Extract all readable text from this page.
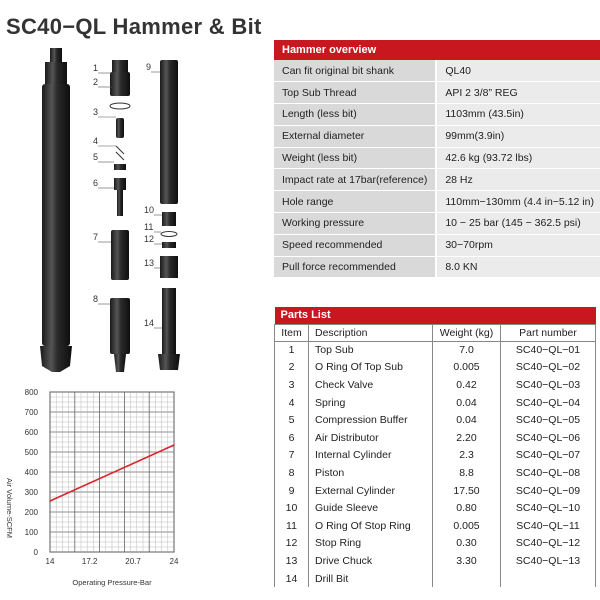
SC40−QL Hammer & Bit
1
2
3
4
5
6
7
8
9
10
11
12
13
14
0
100
200
300
400
500
600
700
800
14	17.2	20.7	24
Air Volume-SCFM
Operating Pressure-Bar
Hammer overview	
Can fit original bit shank	QL40
Top Sub Thread	API 2 3/8” REG
Length (less bit)	1103mm (43.5in)
External diameter	99mm(3.9in)
Weight (less bit)	42.6 kg (93.72 lbs)
Impact rate at 17bar(reference)	28 Hz
Hole range	110mm−130mm (4.4 in−5.12 in)
Working pressure	10 − 25 bar (145 − 362.5 psi)
Speed recommended	30−70rpm
Pull force recommended	8.0 KN
Parts List			
Item	Description	Weight (kg)	Part number
1	Top Sub	7.0	SC40−QL−01
2	O Ring Of Top Sub	0.005	SC40−QL−02
3	Check Valve	0.42	SC40−QL−03
4	Spring	0.04	SC40−QL−04
5	Compression Buffer	0.04	SC40−QL−05
6	Air Distributor	2.20	SC40−QL−06
7	Internal Cylinder	2.3	SC40−QL−07
8	Piston	8.8	SC40−QL−08
9	External Cylinder	17.50	SC40−QL−09
10	Guide Sleeve	0.80	SC40−QL−10
11	O Ring Of Stop Ring	0.005	SC40−QL−11
12	Stop Ring	0.30	SC40−QL−12
13	Drive Chuck	3.30	SC40−QL−13
14	Drill Bit		
